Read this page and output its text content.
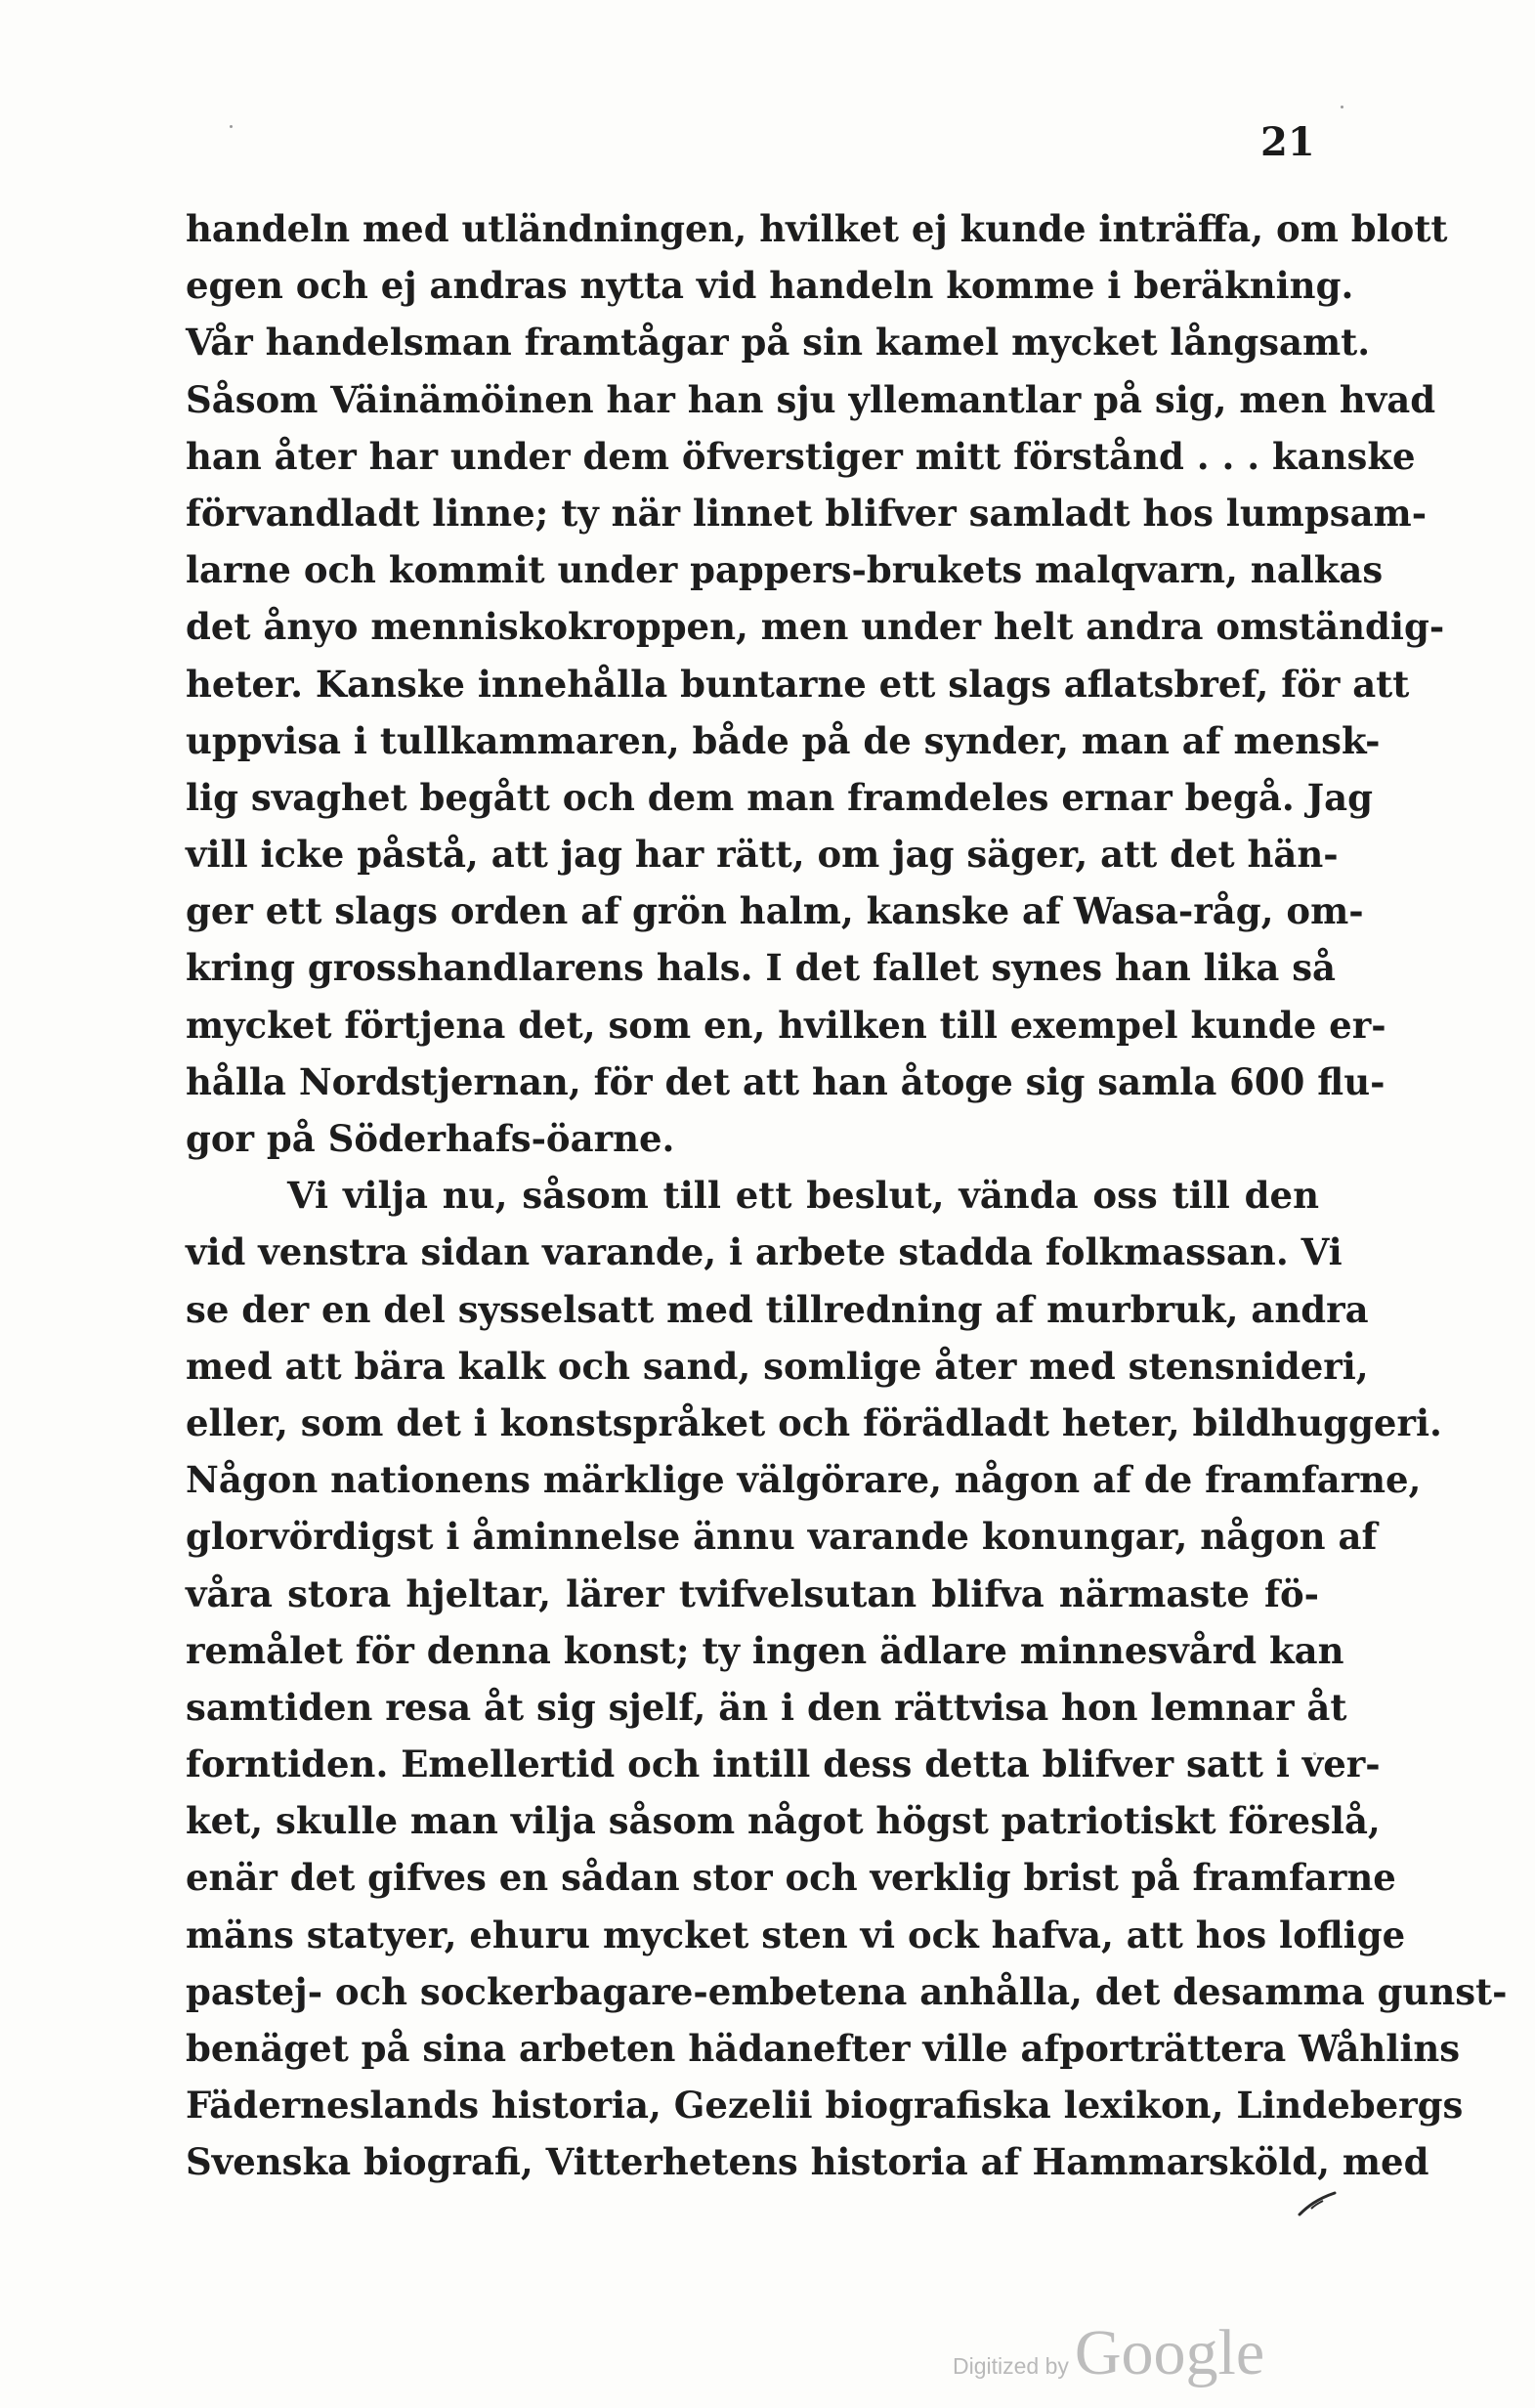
21
handeln med utländningen, hvilket ej kunde inträffa, om blott
egen och ej andras nytta vid handeln komme i beräkning.
Vår handelsman framtågar på sin kamel mycket långsamt.
Såsom Väinämöinen har han sju yllemantlar på sig, men hvad
han åter har under dem öfverstiger mitt förstånd . . . kanske
förvandladt linne; ty när linnet blifver samladt hos lumpsam-
larne och kommit under pappers-brukets malqvarn, nalkas
det ånyo menniskokroppen, men under helt andra omständig-
heter. Kanske innehålla buntarne ett slags aflatsbref, för att
uppvisa i tullkammaren, både på de synder, man af mensk-
lig svaghet begått och dem man framdeles ernar begå. Jag
vill icke påstå, att jag har rätt, om jag säger, att det hän-
ger ett slags orden af grön halm, kanske af Wasa-råg, om-
kring grosshandlarens hals. I det fallet synes han lika så
mycket förtjena det, som en, hvilken till exempel kunde er-
hålla Nordstjernan, för det att han åtoge sig samla 600 flu-
gor på Söderhafs-öarne.
Vi vilja nu, såsom till ett beslut, vända oss till den
vid venstra sidan varande, i arbete stadda folkmassan. Vi
se der en del sysselsatt med tillredning af murbruk, andra
med att bära kalk och sand, somlige åter med stensnideri,
eller, som det i konstspråket och förädladt heter, bildhuggeri.
Någon nationens märklige välgörare, någon af de framfarne,
glorvördigst i åminnelse ännu varande konungar, någon af
våra stora hjeltar, lärer tvifvelsutan blifva närmaste fö-
remålet för denna konst; ty ingen ädlare minnesvård kan
samtiden resa åt sig sjelf, än i den rättvisa hon lemnar åt
forntiden. Emellertid och intill dess detta blifver satt i ver-
ket, skulle man vilja såsom något högst patriotiskt föreslå,
enär det gifves en sådan stor och verklig brist på framfarne
mäns statyer, ehuru mycket sten vi ock hafva, att hos loflige
pastej- och sockerbagare-embetena anhålla, det desamma gunst-
benäget på sina arbeten hädanefter ville afporträttera Wåhlins
Fäderneslands historia, Gezelii biografiska lexikon, Lindebergs
Svenska biografi, Vitterhetens historia af Hammarsköld, med
Digitized byGoogle
